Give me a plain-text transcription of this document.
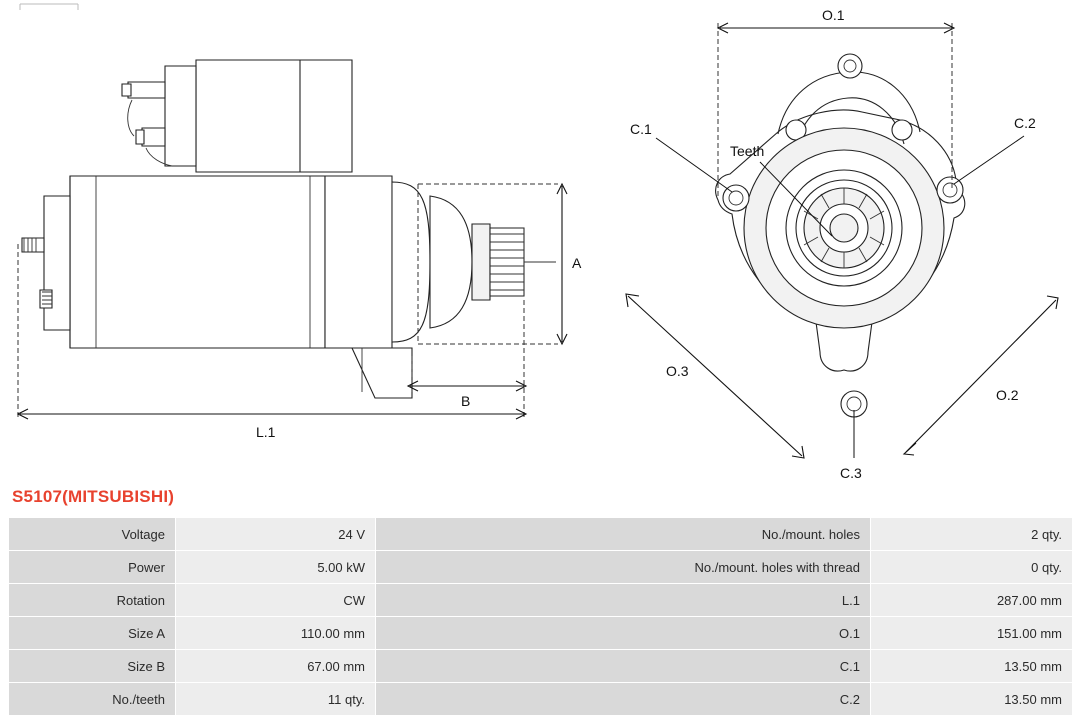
A
B
L.1
O.1
O.2
O.3
C.1	C.2
C.3
Teeth
S5107(MITSUBISHI)
Voltage	24 V	No./mount. holes	2 qty.
Power	5.00 kW	No./mount. holes with thread	0 qty.
Rotation	CW	L.1	287.00 mm
Size A	110.00 mm	O.1	151.00 mm
Size B	67.00 mm	C.1	13.50 mm
No./teeth	11 qty.	C.2	13.50 mm
